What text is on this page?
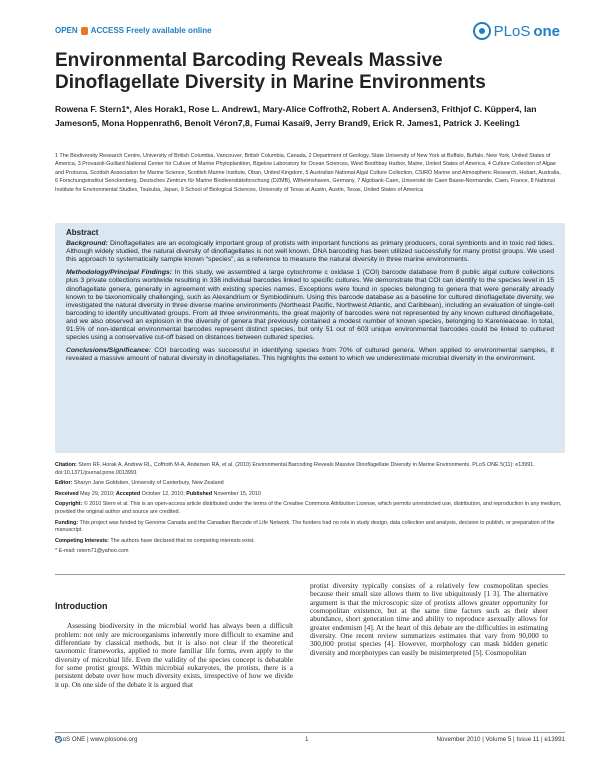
OPEN ACCESS Freely available online	PLoS one
Environmental Barcoding Reveals Massive Dinoflagellate Diversity in Marine Environments
Rowena F. Stern1*, Ales Horak1, Rose L. Andrew1, Mary-Alice Coffroth2, Robert A. Andersen3, Frithjof C. Küpper4, Ian Jameson5, Mona Hoppenrath6, Benoît Véron7,8, Fumai Kasai9, Jerry Brand9, Erick R. James1, Patrick J. Keeling1
1 The Biodiversity Research Centre, University of British Columbia, Vancouver, British Columbia, Canada, 2 Department of Geology, State University of New York at Buffalo, Buffalo, New York, United States of America, 3 Provasoli-Guillard National Center for Culture of Marine Phytoplankton, Bigelow Laboratory for Ocean Sciences, West Boothbay Harbor, Maine, United States of America, 4 Culture Collection of Algae and Protozoa, Scottish Association for Marine Science, Scottish Marine Institute, Oban, United Kingdom, 5 Australian National Algal Culture Collection, CSIRO Marine and Atmospheric Research, Hobart, Australia, 6 Forschungsinstitut Senckenberg, Deutsches Zentrum für Marine Biodiversitätsforschung (DZMB), Wilhelmshaven, Germany, 7 Algobank-Caen, Université de Caen Basse-Normandie, Caen, France, 8 National Institute for Environmental Studies, Tsukuba, Japan, 9 School of Biological Sciences, University of Texas at Austin, Austin, Texas, United States of America
Abstract

Background: Dinoflagellates are an ecologically important group of protists with important functions as primary producers, coral symbionts and in toxic red tides. Although widely studied, the natural diversity of dinoflagellates is not well known. DNA barcoding has been utilized successfully for many protist groups. We used this approach to systematically sample known “species”, as a reference to measure the natural diversity in three marine environments.

Methodology/Principal Findings: In this study, we assembled a large cytochrome c oxidase 1 (COI) barcode database from 8 public algal culture collections plus 3 private collections worldwide resulting in 336 individual barcodes linked to specific cultures. We demonstrate that COI can identify to the species level in 15 dinoflagellate genera, generally in agreement with existing species names. Exceptions were found in species belonging to genera that were generally already known to be taxonomically challenging, such as Alexandrium or Symbiodinium. Using this barcode database as a baseline for cultured dinoflagellate diversity, we investigated the natural diversity in three diverse marine environments (Northeast Pacific, Northwest Atlantic, and Caribbean), including an evaluation of single-cell barcoding to identify uncultivated groups. From all three environments, the great majority of barcodes were not represented by any known cultured dinoflagellate, and we also observed an explosion in the diversity of genera that previously contained a modest number of known species, belonging to Karenieaceae. In total, 91.5% of non-identical environmental barcodes represent distinct species, but only 51 out of 603 unique environmental barcodes could be linked to cultured species using a conservative cut-off based on distances between cultured species.

Conclusions/Significance: COI barcoding was successful in identifying species from 70% of cultured genera. When applied to environmental samples, it revealed a massive amount of natural diversity in dinoflagellates. This highlights the extent to which we underestimate microbial diversity in the environment.

Citation: Stern RF, Horak A, Andrew RL, Coffroth M-A, Andersen RA, et al. (2010) Environmental Barcoding Reveals Massive Dinoflagellate Diversity in Marine Environments. PLoS ONE 5(11): e13991. doi:10.1371/journal.pone.0013991

Editor: Sharyn Jane Goldstien, University of Canterbury, New Zealand

Received May 29, 2010; Accepted October 12, 2010; Published November 15, 2010

Copyright: © 2010 Stern et al. This is an open-access article distributed under the terms of the Creative Commons Attribution License, which permits unrestricted use, distribution, and reproduction in any medium, provided the original author and source are credited.

Funding: This project was funded by Genome Canada and the Canadian Barcode of Life Network. The funders had no role in study design, data collection and analysis, decision to publish, or preparation of the manuscript.

Competing Interests: The authors have declared that no competing interests exist.

* E-mail: rstern71@yahoo.com

Introduction

Assessing biodiversity in the microbial world has always been a difficult problem: not only are microorganisms inherently more difficult to examine and differentiate by classical methods, but it is also not clear if the theoretical taxonomic frameworks, applied to more familiar life forms, even apply to the diversity of microbial life. Even the validity of the species concept is debatable for some protist groups. Within microbial eukaryotes, the protists, there is a persistent debate over how much diversity exists, irrespective of how we divide it up. On one side of the debate it is argued that

protist diversity typically consists of a relatively few cosmopolitan species because their small size allows them to live ubiquitously [1 3]. The alternative argument is that the microscopic size of protists allows greater opportunity for cosmopolitan existence, but at the same time factors such as their sheer abundance, short generation time and ability to reproduce asexually allows for greater endemism [4]. At the heart of this debate are the difficulties in estimating diversity. One recent review summarizes estimates that vary from 90,000 to 300,000 protist species [4]. However, morphology can mask hidden genetic diversity and morphotypes can easily be misinterpreted [5]. Cosmopolitan

PLoS ONE | www.plosone.org	1	November 2010 | Volume 5 | Issue 11 | e13991
